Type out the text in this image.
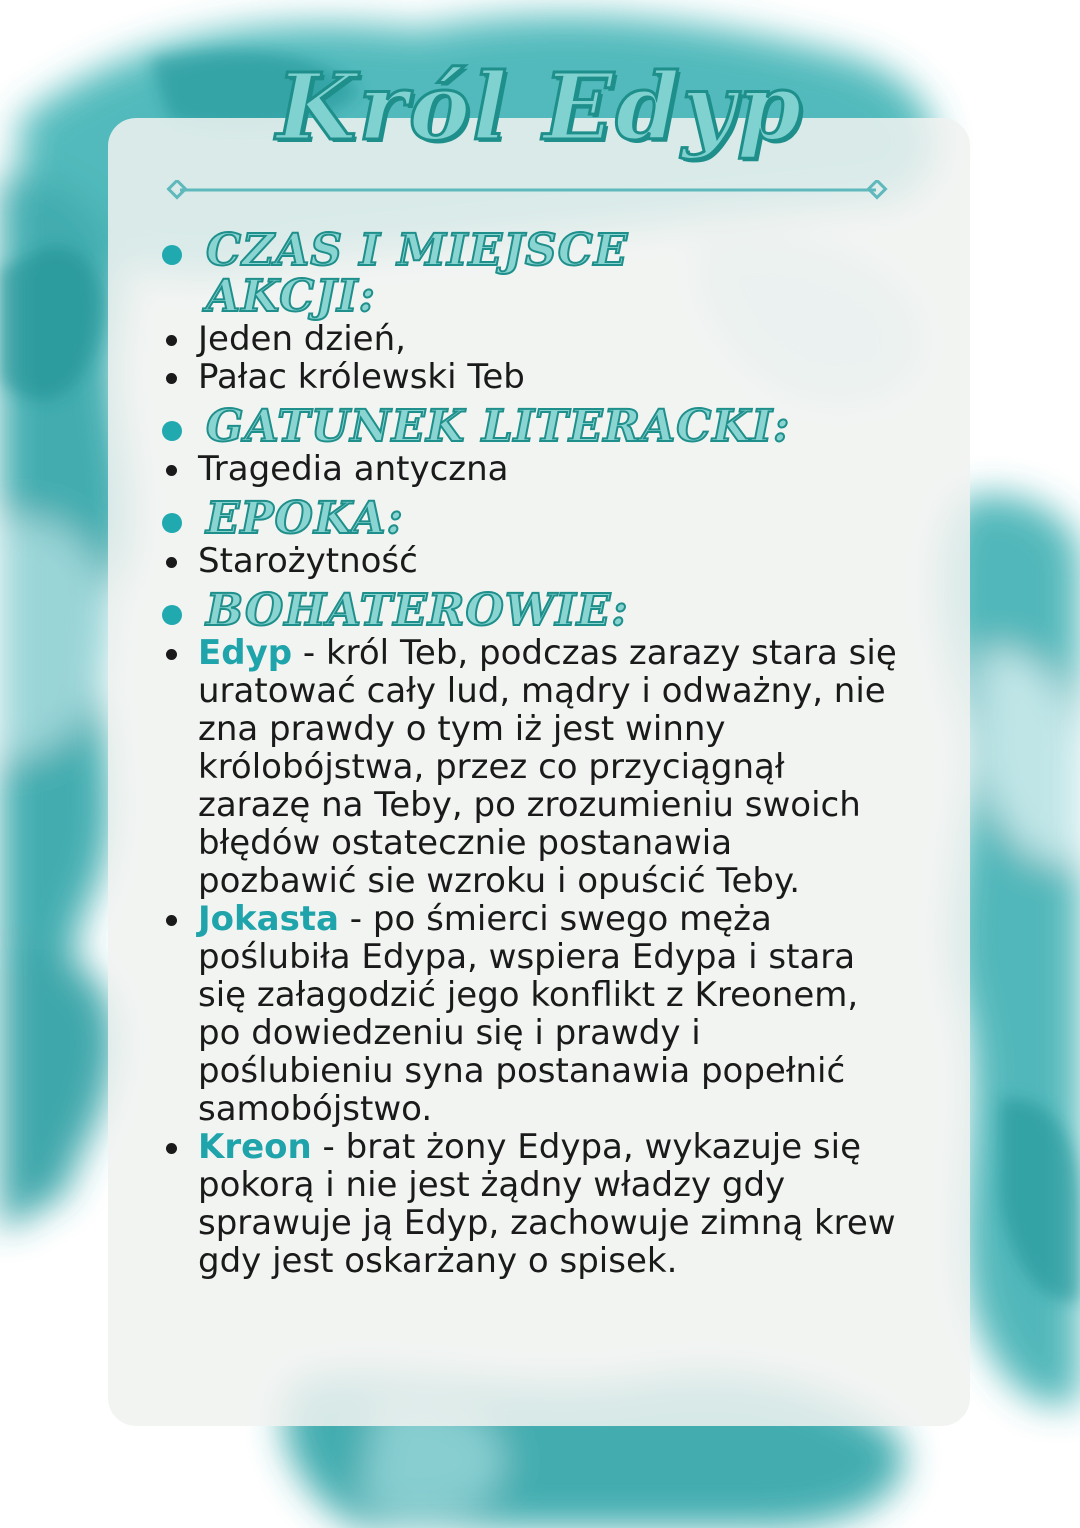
Król Edyp
CZAS I MIEJSCE
AKCJI:
Jeden dzień,
Pałac królewski Teb
GATUNEK LITERACKI:
Tragedia antyczna
EPOKA:
Starożytność
BOHATEROWIE:
Edyp - król Teb, podczas zarazy stara się uratować cały lud, mądry i odważny, nie zna prawdy o tym iż jest winny królobójstwa, przez co przyciągnął zarazę na Teby, po zrozumieniu swoich błędów ostatecznie postanawia pozbawić sie wzroku i opuścić Teby.
Jokasta - po śmierci swego męża poślubiła Edypa, wspiera Edypa i stara się załagodzić jego konflikt z Kreonem, po dowiedzeniu się i prawdy i poślubieniu syna postanawia popełnić samobójstwo.
Kreon - brat żony Edypa, wykazuje się pokorą i nie jest żądny władzy gdy sprawuje ją Edyp, zachowuje zimną krew gdy jest oskarżany o spisek.
